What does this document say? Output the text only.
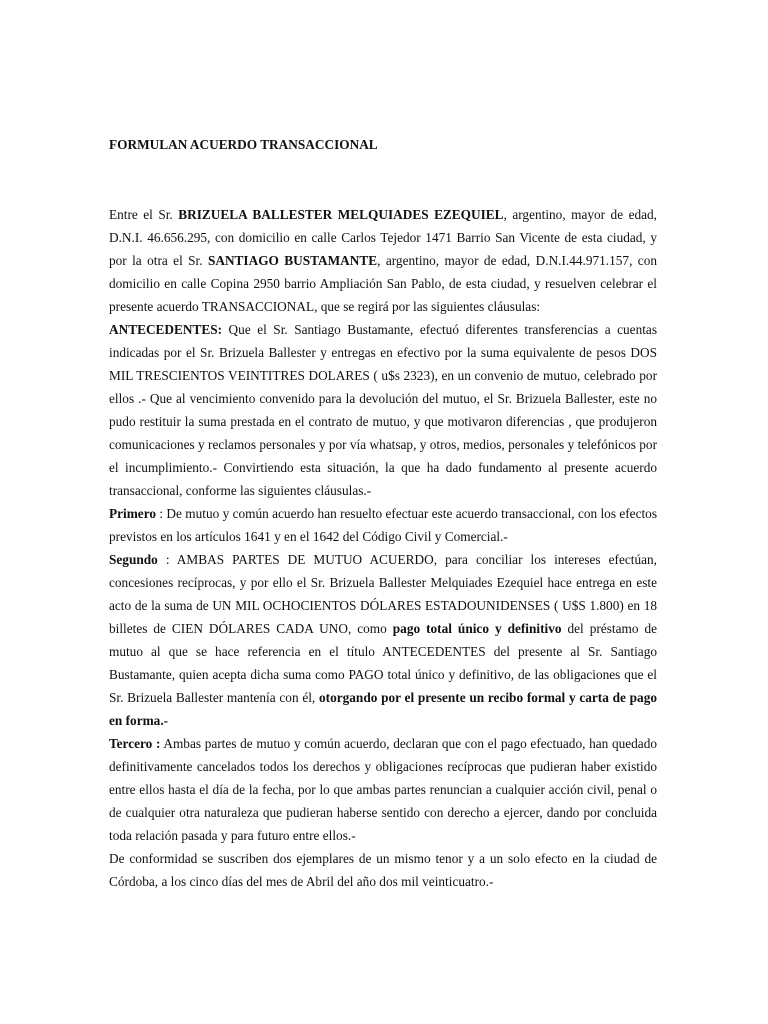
FORMULAN ACUERDO TRANSACCIONAL

Entre el Sr. BRIZUELA BALLESTER MELQUIADES EZEQUIEL, argentino, mayor de edad, D.N.I. 46.656.295, con domicilio en calle Carlos Tejedor 1471 Barrio San Vicente de esta ciudad, y por la otra el Sr. SANTIAGO BUSTAMANTE, argentino, mayor de edad, D.N.I.44.971.157, con domicilio en calle Copina 2950 barrio Ampliación San Pablo, de esta ciudad, y resuelven celebrar el presente acuerdo TRANSACCIONAL, que se regirá por las siguientes cláusulas:

ANTECEDENTES: Que el Sr. Santiago Bustamante, efectuó diferentes transferencias a cuentas indicadas por el Sr. Brizuela Ballester y entregas en efectivo por la suma equivalente de pesos DOS MIL TRESCIENTOS VEINTITRES DOLARES ( u$s 2323), en un convenio de mutuo, celebrado por ellos .- Que al vencimiento convenido para la devolución del mutuo, el Sr. Brizuela Ballester, este no pudo restituir la suma prestada en el contrato de mutuo, y que motivaron diferencias , que produjeron comunicaciones y reclamos personales y por vía whatsap, y otros, medios, personales y telefónicos por el incumplimiento.- Convirtiendo esta situación, la que ha dado fundamento al presente acuerdo transaccional, conforme las siguientes cláusulas.-

Primero : De mutuo y común acuerdo han resuelto efectuar este acuerdo transaccional, con los efectos previstos en los artículos 1641 y en el 1642 del Código Civil y Comercial.-

Segundo : AMBAS PARTES DE MUTUO ACUERDO, para conciliar los intereses efectúan, concesiones recíprocas, y por ello el Sr. Brizuela Ballester Melquiades Ezequiel hace entrega en este acto de la suma de UN MIL OCHOCIENTOS DÓLARES ESTADOUNIDENSES ( U$S 1.800) en 18 billetes de CIEN DÓLARES CADA UNO, como pago total único y definitivo del préstamo de mutuo al que se hace referencia en el título ANTECEDENTES del presente al Sr. Santiago Bustamante, quien acepta dicha suma como PAGO total único y definitivo, de las obligaciones que el Sr. Brizuela Ballester mantenía con él, otorgando por el presente un recibo formal y carta de pago en forma.-

Tercero : Ambas partes de mutuo y común acuerdo, declaran que con el pago efectuado, han quedado definitivamente cancelados todos los derechos y obligaciones recíprocas que pudieran haber existido entre ellos hasta el día de la fecha, por lo que ambas partes renuncian a cualquier acción civil, penal o de cualquier otra naturaleza que pudieran haberse sentido con derecho a ejercer, dando por concluida toda relación pasada y para futuro entre ellos.-

De conformidad se suscriben dos ejemplares de un mismo tenor y a un solo efecto en la ciudad de Córdoba, a los cinco días del mes de Abril del año dos mil veinticuatro.-
